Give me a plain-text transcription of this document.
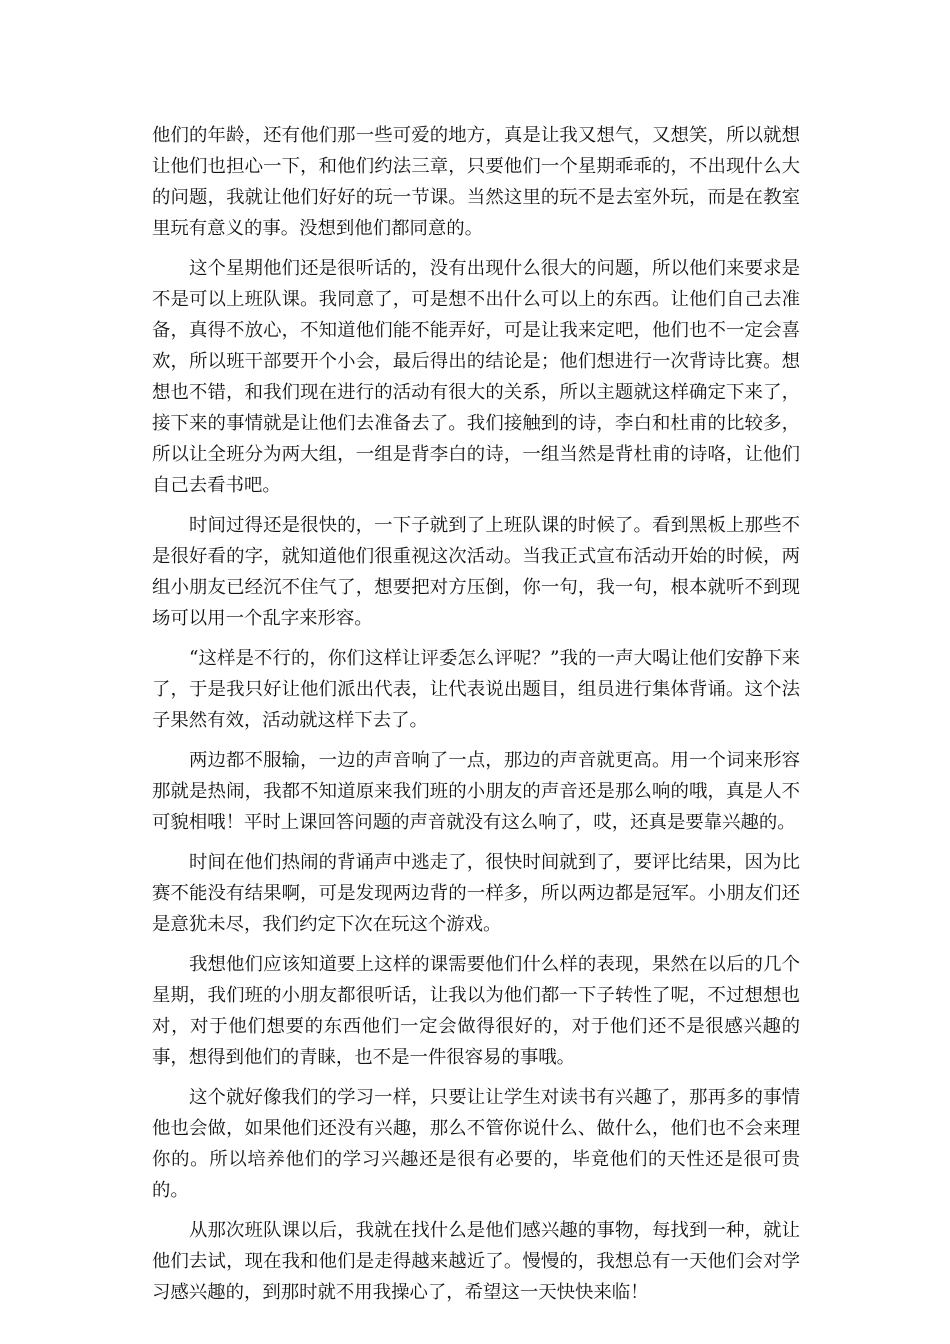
他们的年龄，还有他们那一些可爱的地方，真是让我又想气，又想笑，所以就想让他们也担心一下，和他们约法三章，只要他们一个星期乖乖的，不出现什么大的问题，我就让他们好好的玩一节课。当然这里的玩不是去室外玩，而是在教室里玩有意义的事。没想到他们都同意的。

这个星期他们还是很听话的，没有出现什么很大的问题，所以他们来要求是不是可以上班队课。我同意了，可是想不出什么可以上的东西。让他们自己去准备，真得不放心，不知道他们能不能弄好，可是让我来定吧，他们也不一定会喜欢，所以班干部要开个小会，最后得出的结论是；他们想进行一次背诗比赛。想想也不错，和我们现在进行的活动有很大的关系，所以主题就这样确定下来了，接下来的事情就是让他们去准备去了。我们接触到的诗，李白和杜甫的比较多，所以让全班分为两大组，一组是背李白的诗，一组当然是背杜甫的诗咯，让他们自己去看书吧。

时间过得还是很快的，一下子就到了上班队课的时候了。看到黑板上那些不是很好看的字，就知道他们很重视这次活动。当我正式宣布活动开始的时候，两组小朋友已经沉不住气了，想要把对方压倒，你一句，我一句，根本就听不到现场可以用一个乱字来形容。

“这样是不行的，你们这样让评委怎么评呢？”我的一声大喝让他们安静下来了，于是我只好让他们派出代表，让代表说出题目，组员进行集体背诵。这个法子果然有效，活动就这样下去了。

两边都不服输，一边的声音响了一点，那边的声音就更高。用一个词来形容那就是热闹，我都不知道原来我们班的小朋友的声音还是那么响的哦，真是人不可貌相哦！平时上课回答问题的声音就没有这么响了，哎，还真是要靠兴趣的。

时间在他们热闹的背诵声中逃走了，很快时间就到了，要评比结果，因为比赛不能没有结果啊，可是发现两边背的一样多，所以两边都是冠军。小朋友们还是意犹未尽，我们约定下次在玩这个游戏。

我想他们应该知道要上这样的课需要他们什么样的表现，果然在以后的几个星期，我们班的小朋友都很听话，让我以为他们都一下子转性了呢，不过想想也对，对于他们想要的东西他们一定会做得很好的，对于他们还不是很感兴趣的事，想得到他们的青睐，也不是一件很容易的事哦。

这个就好像我们的学习一样，只要让让学生对读书有兴趣了，那再多的事情他也会做，如果他们还没有兴趣，那么不管你说什么、做什么，他们也不会来理你的。所以培养他们的学习兴趣还是很有必要的，毕竟他们的天性还是很可贵的。

从那次班队课以后，我就在找什么是他们感兴趣的事物，每找到一种，就让他们去试，现在我和他们是走得越来越近了。慢慢的，我想总有一天他们会对学习感兴趣的，到那时就不用我操心了，希望这一天快快来临！
